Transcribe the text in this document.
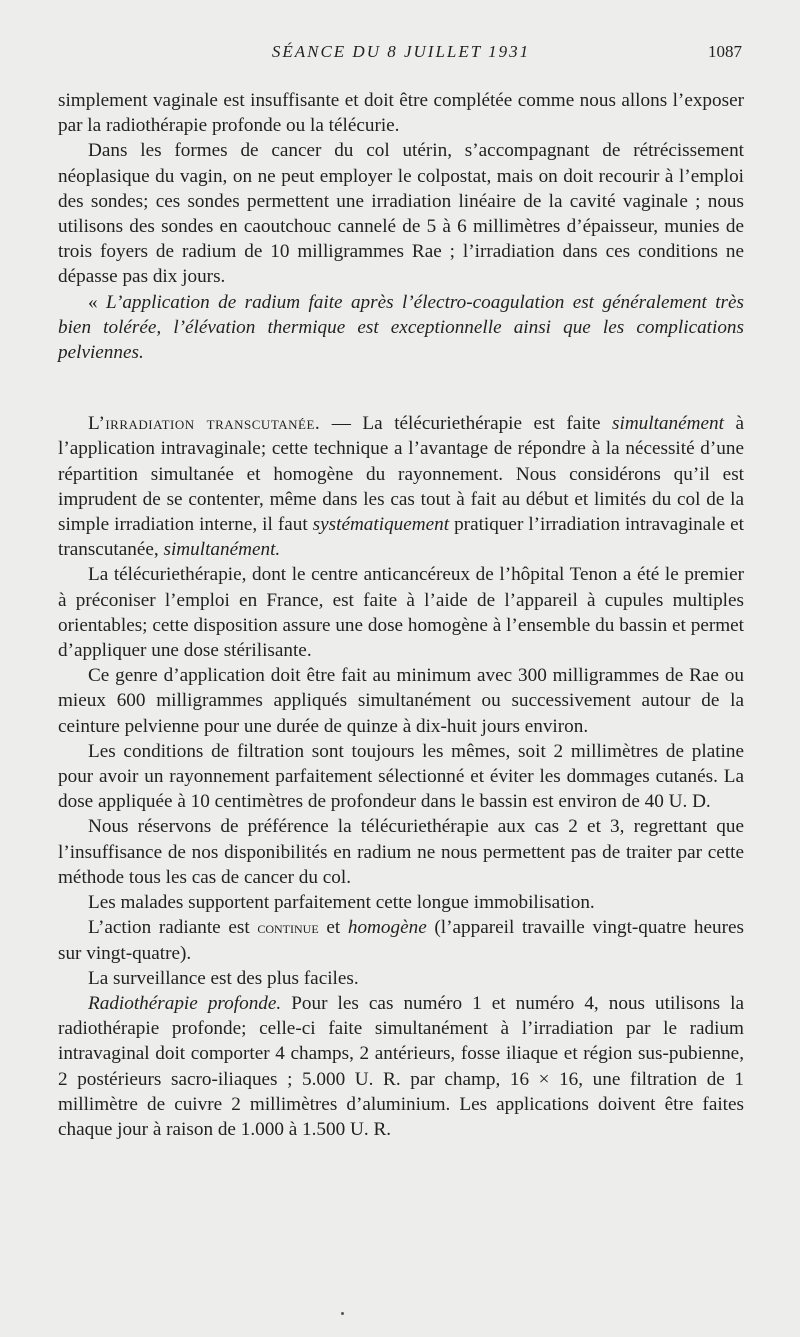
SÉANCE DU 8 JUILLET 1931	1087

simplement vaginale est insuffisante et doit être complétée comme nous allons l’exposer par la radiothérapie profonde ou la télécurie.

Dans les formes de cancer du col utérin, s’accompagnant de rétrécissement néoplasique du vagin, on ne peut employer le colpostat, mais on doit recourir à l’emploi des sondes; ces sondes permettent une irradiation linéaire de la cavité vaginale ; nous utilisons des sondes en caoutchouc cannelé de 5 à 6 millimètres d’épaisseur, munies de trois foyers de radium de 10 milligrammes Rae ; l’irradiation dans ces conditions ne dépasse pas dix jours.

« L’application de radium faite après l’électro-coagulation est généralement très bien tolérée, l’élévation thermique est exceptionnelle ainsi que les complications pelviennes.

L’irradiation transcutanée. — La télécuriethérapie est faite simultanément à l’application intravaginale; cette technique a l’avantage de répondre à la nécessité d’une répartition simultanée et homogène du rayonnement. Nous considérons qu’il est imprudent de se contenter, même dans les cas tout à fait au début et limités du col de la simple irradiation interne, il faut systématiquement pratiquer l’irradiation intravaginale et transcutanée, simultanément.

La télécuriethérapie, dont le centre anticancéreux de l’hôpital Tenon a été le premier à préconiser l’emploi en France, est faite à l’aide de l’appareil à cupules multiples orientables; cette disposition assure une dose homogène à l’ensemble du bassin et permet d’appliquer une dose stérilisante.

Ce genre d’application doit être fait au minimum avec 300 milligrammes de Rae ou mieux 600 milligrammes appliqués simultanément ou successivement autour de la ceinture pelvienne pour une durée de quinze à dix-huit jours environ.

Les conditions de filtration sont toujours les mêmes, soit 2 millimètres de platine pour avoir un rayonnement parfaitement sélectionné et éviter les dommages cutanés. La dose appliquée à 10 centimètres de profondeur dans le bassin est environ de 40 U. D.

Nous réservons de préférence la télécuriethérapie aux cas 2 et 3, regrettant que l’insuffisance de nos disponibilités en radium ne nous permettent pas de traiter par cette méthode tous les cas de cancer du col.

Les malades supportent parfaitement cette longue immobilisation.

L’action radiante est continue et homogène (l’appareil travaille vingt-quatre heures sur vingt-quatre).

La surveillance est des plus faciles.

Radiothérapie profonde. Pour les cas numéro 1 et numéro 4, nous utilisons la radiothérapie profonde; celle-ci faite simultanément à l’irradiation par le radium intravaginal doit comporter 4 champs, 2 antérieurs, fosse iliaque et région sus-pubienne, 2 postérieurs sacro-iliaques ; 5.000 U. R. par champ, 16 × 16, une filtration de 1 millimètre de cuivre 2 millimètres d’aluminium. Les applications doivent être faites chaque jour à raison de 1.000 à 1.500 U. R.
